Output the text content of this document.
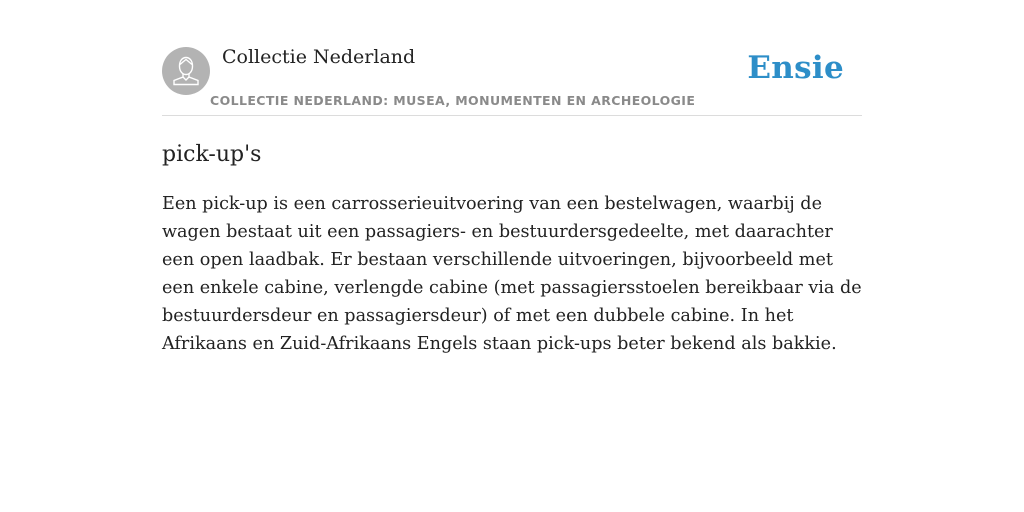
Collectie Nederland
COLLECTIE NEDERLAND: MUSEA, MONUMENTEN EN ARCHEOLOGIE
Ensie
pick-up's

Een pick-up is een carrosserieuitvoering van een bestelwagen, waarbij de wagen bestaat uit een passagiers- en bestuurdersgedeelte, met daarachter een open laadbak. Er bestaan verschillende uitvoeringen, bijvoorbeeld met een enkele cabine, verlengde cabine (met passagiersstoelen bereikbaar via de bestuurdersdeur en passagiersdeur) of met een dubbele cabine. In het Afrikaans en Zuid-Afrikaans Engels staan pick-ups beter bekend als bakkie.
